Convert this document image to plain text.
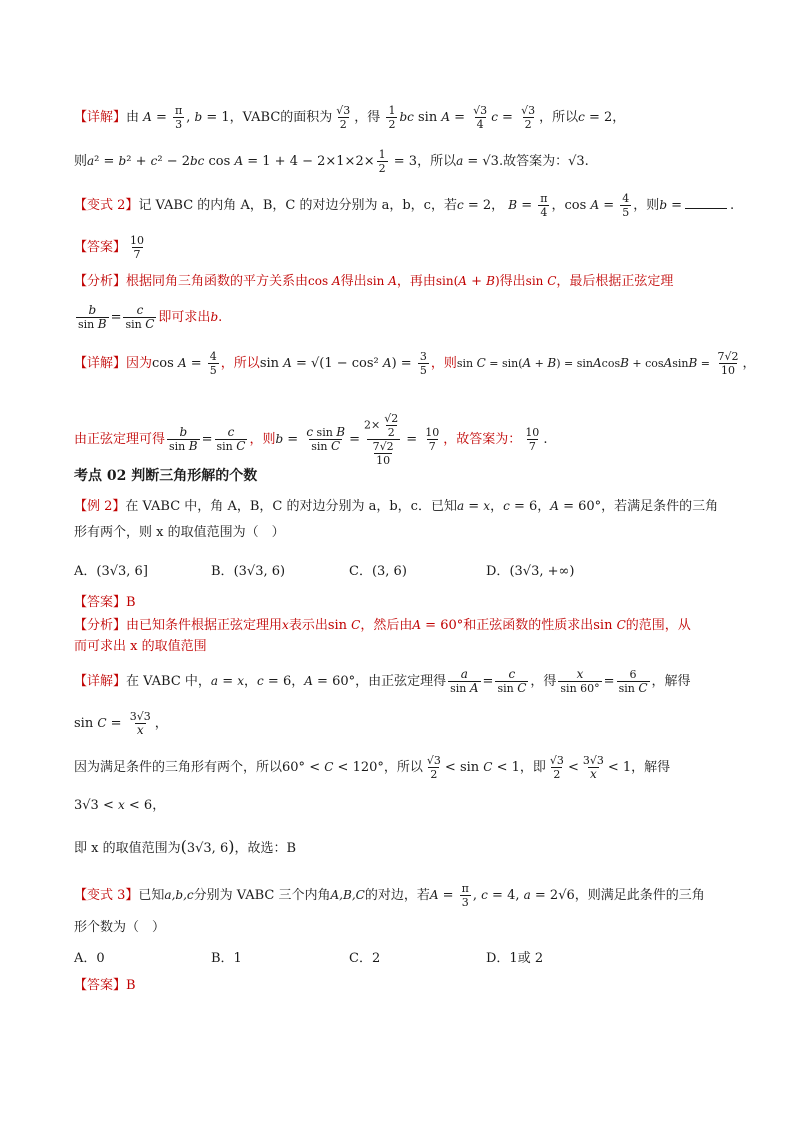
【详解】由 $A = \frac{\pi}{3}$ , b = 1，VABC的面积为 $\frac{√3}{2}$ ，得 $\frac{1}{2}$ bc $\sin A = \frac{√3}{4}$ $c = \frac{√3}{2}$ ，所以c = 2，
则a² = b² + c² − 2bc $\cos A = 1 + 4 - 2\times 1\times 2\times \frac{1}{2} = 3$，所以a = √3.故答案为：√3.
【变式 2】记 VABC 的内角 A，B，C 的对边分别为 a，b，c，若c = 2， $B = \frac{\pi}{4}$ ，$\cos A = \frac{4}{5}$ ，则b =	.
【答案】 $\frac{10}{7}$
【分析】根据同角三角函数的平方关系由cos A得出sin A，再由sin(A + B)得出sin C，最后根据正弦定理
$\frac{b}{\text{sin B}} = \frac{c}{\text{sin C}}$ 即可求出b.
【详解】因为$\cos A = \frac{4}{5}$ ，所以sin A = √(1 − cos² $A) = \frac{3}{5}$ ，则sin C = sin(A + B) = sinAcosB + cosAsinB = $\frac{7√2}{10}$ ，
由正弦定理可得 $\frac{b}{\text{sin B}} = \frac{c}{\text{sin C}}$ ，则$b = \frac{\text{c sin B}}{\text{sin C}} = \frac{2\times \frac{√2}{2}}{\frac{7√2}{10}} = \frac{10}{7}$ ，故答案为： $\frac{10}{7}$ .
考点 02 判断三角形解的个数
【例 2】在 VABC 中，角 A，B，C 的对边分别为 a，b，c．已知a = x，c = 6，A = 60°，若满足条件的三角
形有两个，则 x 的取值范围为（　）
A．(3√3, 6]	B．(3√3, 6)	C．(3, 6)	D．(3√3, +∞)
【答案】B
【分析】由已知条件根据正弦定理用x表示出sin C，然后由A = 60°和正弦函数的性质求出sin C的范围，从
而可求出 x 的取值范围
【详解】在 VABC 中，a = x，c = 6，A = 60°，由正弦定理得 $\frac{a}{\text{sin A}} = \frac{c}{\text{sin C}}$ ，得 $\frac{x}{\sin 60^\circ} = \frac{6}{\text{sin C}}$ ，解得
$\sin C = \frac{3√3}{x}$ ，
因为满足条件的三角形有两个，所以60° < C < 120°，所以 $\frac{√3}{2} < \sin C < 1$，即 $\frac{√3}{2} < \frac{3√3}{x} < 1$，解得
3√3 < x < 6，
即 x 的取值范围为(3√3, 6)，故选：B
【变式 3】已知a,b,c分别为 VABC 三个内角A,B,C的对边，若$A = \frac{\pi}{3}$ , c = 4, a = 2√6，则满足此条件的三角
形个数为（　）
A．0	B．1	C．2	D．1或 2
【答案】B
